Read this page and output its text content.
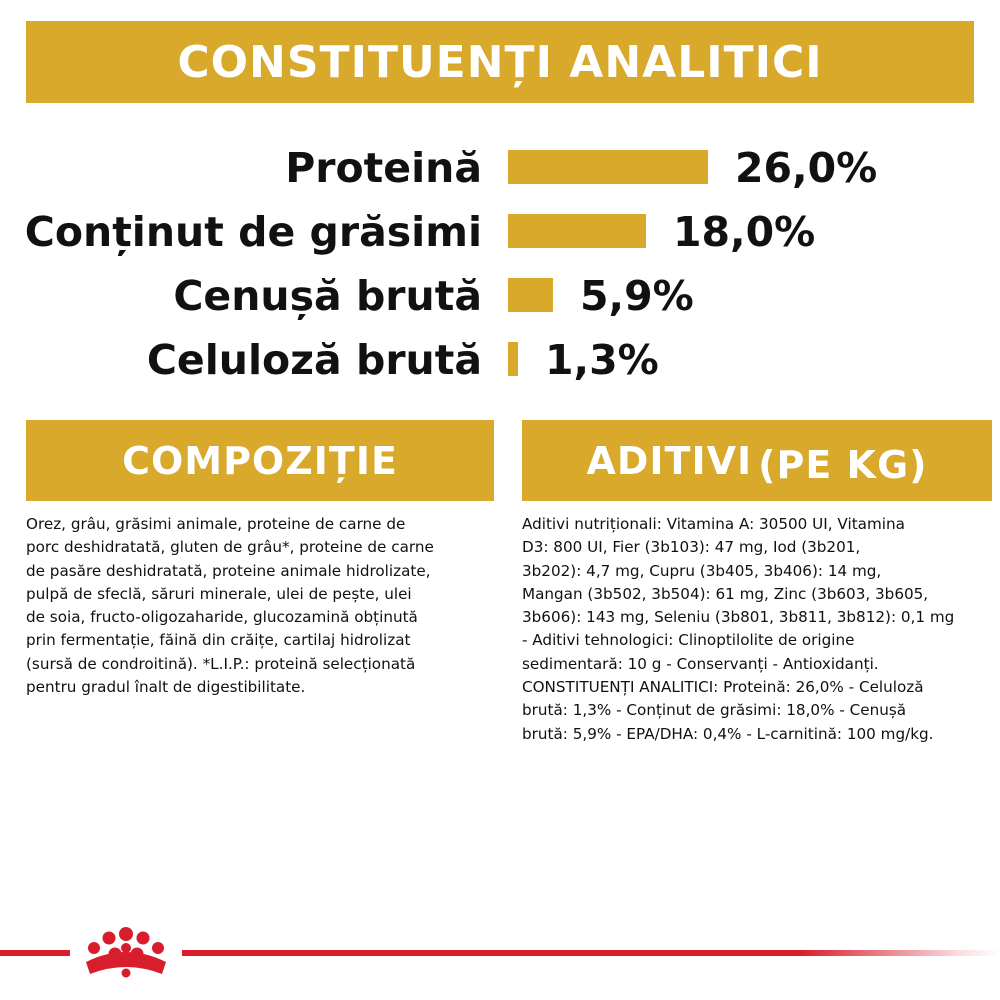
CONSTITUENȚI ANALITICI
Proteină	26,0%
Conținut de grăsimi	18,0%
Cenușă brută 5,9%
Celuloză brută 1,3%
COMPOZIȚIE	ADITIVI (PE KG)
Orez, grâu, grăsimi animale, proteine de carne de
porc deshidratată, gluten de grâu*, proteine de carne
de pasăre deshidratată, proteine animale hidrolizate,
pulpă de sfeclă, săruri minerale, ulei de pește, ulei
de soia, fructo-oligozaharide, glucozamină obținută
prin fermentație, făină din crăițe, cartilaj hidrolizat
(sursă de condroitină). *L.I.P.: proteină selecționată
pentru gradul înalt de digestibilitate.
Aditivi nutriționali: Vitamina A: 30500 UI, Vitamina
D3: 800 UI, Fier (3b103): 47 mg, Iod (3b201,
3b202): 4,7 mg, Cupru (3b405, 3b406): 14 mg,
Mangan (3b502, 3b504): 61 mg, Zinc (3b603, 3b605,
3b606): 143 mg, Seleniu (3b801, 3b811, 3b812): 0,1 mg
- Aditivi tehnologici: Clinoptilolite de origine
sedimentară: 10 g - Conservanți - Antioxidanți.
CONSTITUENȚI ANALITICI: Proteină: 26,0% - Celuloză
brută: 1,3% - Conținut de grăsimi: 18,0% - Cenușă
brută: 5,9% - EPA/DHA: 0,4% - L-carnitină: 100 mg/kg.
